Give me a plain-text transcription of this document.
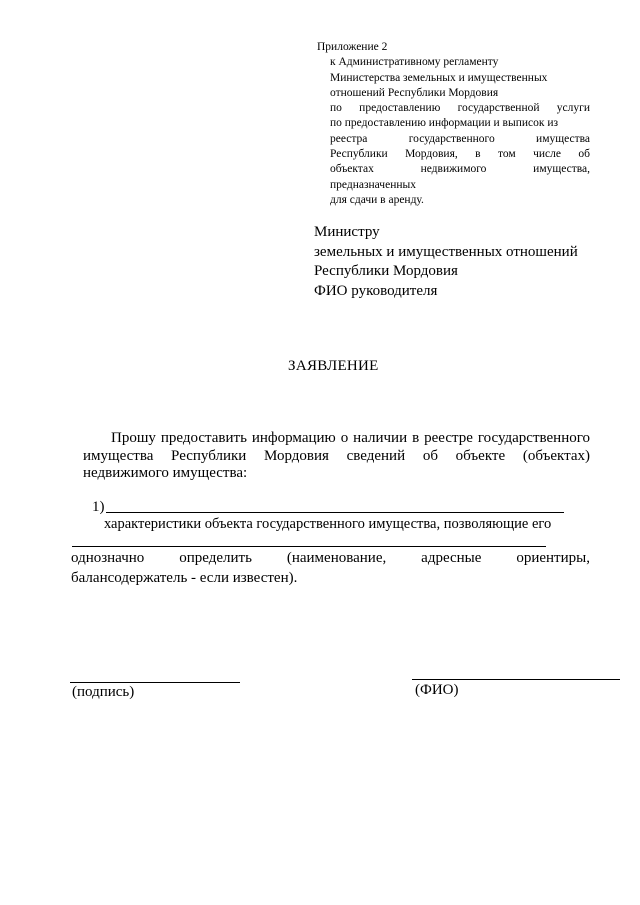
Приложение 2
к Административному регламенту
Министерства земельных и имущественных
отношений Республики Мордовия
по предоставлению государственной услуги
по предоставлению информации и выписок из
реестра государственного имущества
Республики Мордовия, в том числе об
объектах недвижимого имущества,
предназначенных
для сдачи в аренду.
Министру
земельных и имущественных отношений
Республики Мордовия
ФИО руководителя
ЗАЯВЛЕНИЕ
Прошу предоставить информацию о наличии в реестре государственного имущества Республики Мордовия сведений об объекте (объектах) недвижимого имущества:
1)
характеристики объекта государственного имущества, позволяющие его
однозначно определить (наименование, адресные ориентиры,
балансодержатель - если известен).
(подпись)	(ФИО)
